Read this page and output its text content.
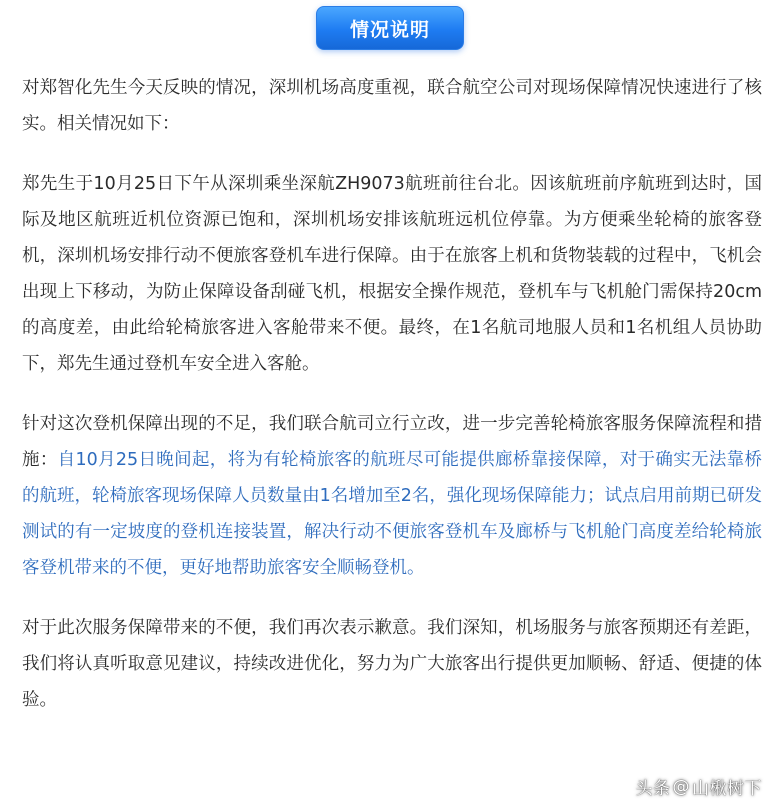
情况说明

对郑智化先生今天反映的情况，深圳机场高度重视，联合航空公司对现场保障情况快速进行了核实。相关情况如下：

郑先生于10月25日下午从深圳乘坐深航ZH9073航班前往台北。因该航班前序航班到达时，国际及地区航班近机位资源已饱和，深圳机场安排该航班远机位停靠。为方便乘坐轮椅的旅客登机，深圳机场安排行动不便旅客登机车进行保障。由于在旅客上机和货物装载的过程中，飞机会出现上下移动，为防止保障设备刮碰飞机，根据安全操作规范，登机车与飞机舱门需保持20cm的高度差，由此给轮椅旅客进入客舱带来不便。最终，在1名航司地服人员和1名机组人员协助下，郑先生通过登机车安全进入客舱。

针对这次登机保障出现的不足，我们联合航司立行立改，进一步完善轮椅旅客服务保障流程和措施：自10月25日晚间起，将为有轮椅旅客的航班尽可能提供廊桥靠接保障，对于确实无法靠桥的航班，轮椅旅客现场保障人员数量由1名增加至2名，强化现场保障能力；试点启用前期已研发测试的有一定坡度的登机连接装置，解决行动不便旅客登机车及廊桥与飞机舱门高度差给轮椅旅客登机带来的不便，更好地帮助旅客安全顺畅登机。

对于此次服务保障带来的不便，我们再次表示歉意。我们深知，机场服务与旅客预期还有差距，我们将认真听取意见建议，持续改进优化，努力为广大旅客出行提供更加顺畅、舒适、便捷的体验。

头条 @ 山楸树下
